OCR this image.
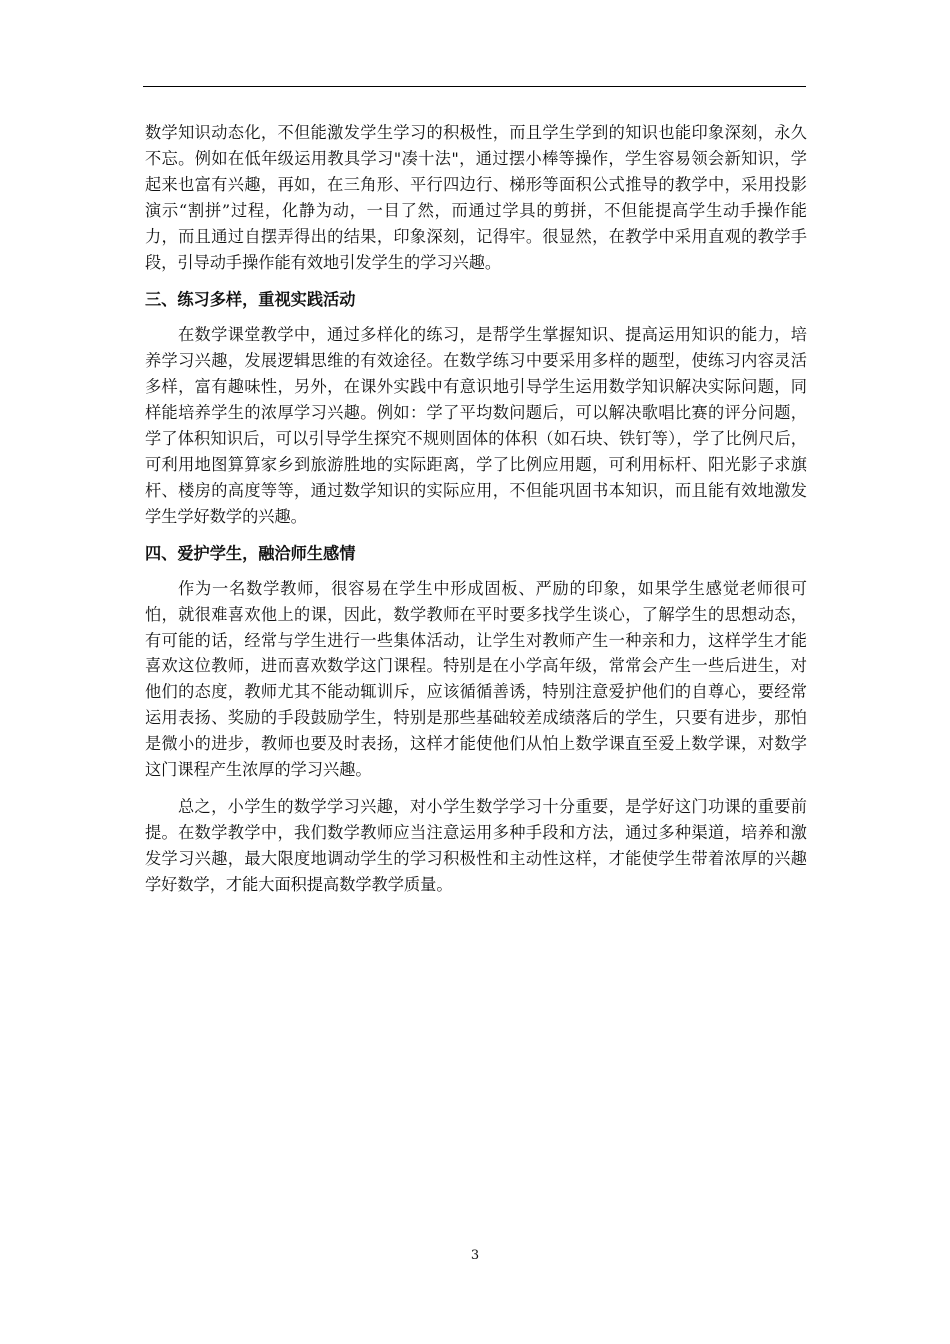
数学知识动态化，不但能激发学生学习的积极性，而且学生学到的知识也能印象深刻，永久不忘。例如在低年级运用教具学习"凑十法"，通过摆小棒等操作，学生容易领会新知识，学起来也富有兴趣，再如，在三角形、平行四边行、梯形等面积公式推导的教学中，采用投影演示“割拼”过程，化静为动，一目了然，而通过学具的剪拼，不但能提高学生动手操作能力，而且通过自摆弄得出的结果，印象深刻，记得牢。很显然，在教学中采用直观的教学手段，引导动手操作能有效地引发学生的学习兴趣。

三、练习多样，重视实践活动

在数学课堂教学中，通过多样化的练习，是帮学生掌握知识、提高运用知识的能力，培养学习兴趣，发展逻辑思维的有效途径。在数学练习中要采用多样的题型，使练习内容灵活多样，富有趣味性，另外，在课外实践中有意识地引导学生运用数学知识解决实际问题，同样能培养学生的浓厚学习兴趣。例如：学了平均数问题后，可以解决歌唱比赛的评分问题，学了体积知识后，可以引导学生探究不规则固体的体积（如石块、铁钉等），学了比例尺后，可利用地图算算家乡到旅游胜地的实际距离，学了比例应用题，可利用标杆、阳光影子求旗杆、楼房的高度等等，通过数学知识的实际应用，不但能巩固书本知识，而且能有效地激发学生学好数学的兴趣。

四、爱护学生，融洽师生感情

作为一名数学教师，很容易在学生中形成固板、严励的印象，如果学生感觉老师很可怕，就很难喜欢他上的课，因此，数学教师在平时要多找学生谈心，了解学生的思想动态，有可能的话，经常与学生进行一些集体活动，让学生对教师产生一种亲和力，这样学生才能喜欢这位教师，进而喜欢数学这门课程。特别是在小学高年级，常常会产生一些后进生，对他们的态度，教师尤其不能动辄训斥，应该循循善诱，特别注意爱护他们的自尊心，要经常运用表扬、奖励的手段鼓励学生，特别是那些基础较差成绩落后的学生，只要有进步，那怕是微小的进步，教师也要及时表扬，这样才能使他们从怕上数学课直至爱上数学课，对数学这门课程产生浓厚的学习兴趣。

总之，小学生的数学学习兴趣，对小学生数学学习十分重要，是学好这门功课的重要前提。在数学教学中，我们数学教师应当注意运用多种手段和方法，通过多种渠道，培养和激发学习兴趣，最大限度地调动学生的学习积极性和主动性这样，才能使学生带着浓厚的兴趣学好数学，才能大面积提高数学教学质量。

3
